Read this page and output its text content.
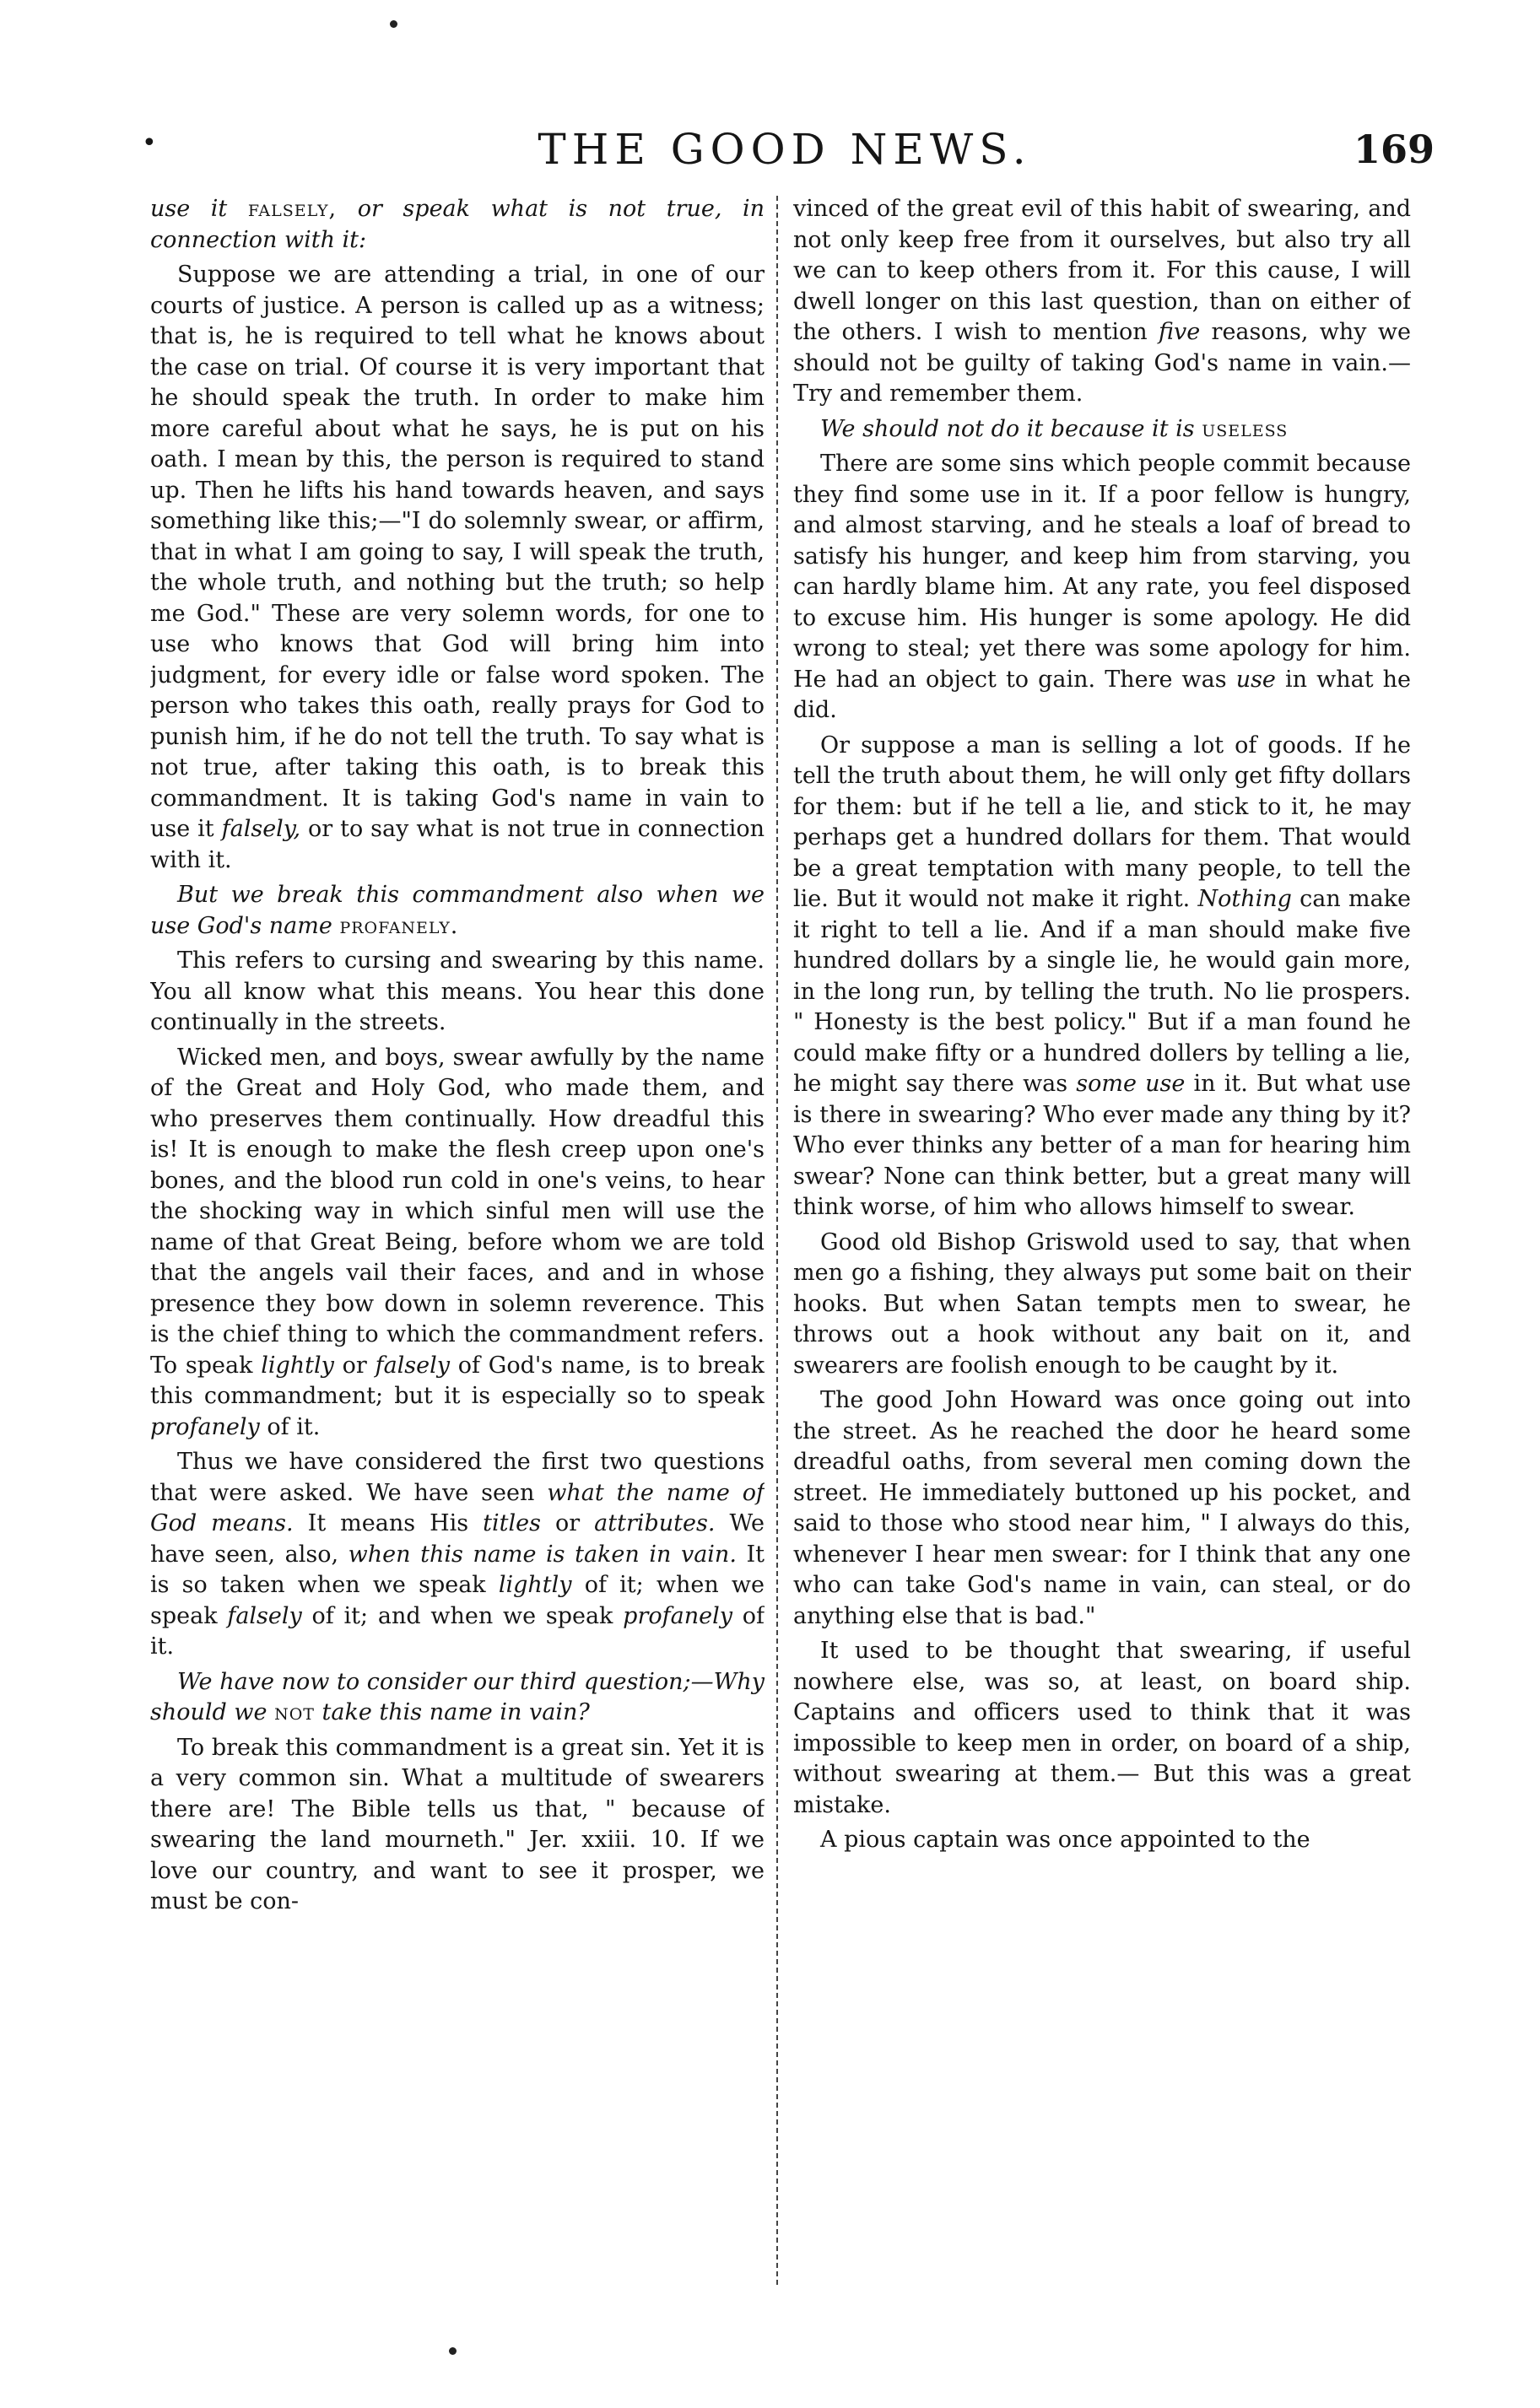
•	THE GOOD NEWS.	169

use it falsely, or speak what is not true, in connection with it:

Suppose we are attending a trial, in one of our courts of justice. A person is called up as a witness; that is, he is required to tell what he knows about the case on trial. Of course it is very important that he should speak the truth. In order to make him more careful about what he says, he is put on his oath. I mean by this, the person is required to stand up. Then he lifts his hand towards heaven, and says something like this;—"I do solemnly swear, or affirm, that in what I am going to say, I will speak the truth, the whole truth, and nothing but the truth; so help me God." These are very solemn words, for one to use who knows that God will bring him into judgment, for every idle or false word spoken. The person who takes this oath, really prays for God to punish him, if he do not tell the truth. To say what is not true, after taking this oath, is to break this commandment. It is taking God's name in vain to use it falsely, or to say what is not true in connection with it.

But we break this commandment also when we use God's name profanely.

This refers to cursing and swearing by this name. You all know what this means. You hear this done continually in the streets.

Wicked men, and boys, swear awfully by the name of the Great and Holy God, who made them, and who preserves them continually. How dreadful this is! It is enough to make the flesh creep upon one's bones, and the blood run cold in one's veins, to hear the shocking way in which sinful men will use the name of that Great Being, before whom we are told that the angels vail their faces, and and in whose presence they bow down in solemn reverence. This is the chief thing to which the commandment refers. To speak lightly or falsely of God's name, is to break this commandment; but it is especially so to speak profanely of it.

Thus we have considered the first two questions that were asked. We have seen what the name of God means. It means His titles or attributes. We have seen, also, when this name is taken in vain. It is so taken when we speak lightly of it; when we speak falsely of it; and when we speak profanely of it.

We have now to consider our third question;—Why should we not take this name in vain?

To break this commandment is a great sin. Yet it is a very common sin. What a multitude of swearers there are! The Bible tells us that, " because of swearing the land mourneth." Jer. xxiii. 10. If we love our country, and want to see it prosper, we must be con-

vinced of the great evil of this habit of swearing, and not only keep free from it ourselves, but also try all we can to keep others from it. For this cause, I will dwell longer on this last question, than on either of the others. I wish to mention five reasons, why we should not be guilty of taking God's name in vain.— Try and remember them.

We should not do it because it is useless

There are some sins which people commit because they find some use in it. If a poor fellow is hungry, and almost starving, and he steals a loaf of bread to satisfy his hunger, and keep him from starving, you can hardly blame him. At any rate, you feel disposed to excuse him. His hunger is some apology. He did wrong to steal; yet there was some apology for him. He had an object to gain. There was use in what he did.

Or suppose a man is selling a lot of goods. If he tell the truth about them, he will only get fifty dollars for them: but if he tell a lie, and stick to it, he may perhaps get a hundred dollars for them. That would be a great temptation with many people, to tell the lie. But it would not make it right. Nothing can make it right to tell a lie. And if a man should make five hundred dollars by a single lie, he would gain more, in the long run, by telling the truth. No lie prospers. " Honesty is the best policy." But if a man found he could make fifty or a hundred dollers by telling a lie, he might say there was some use in it. But what use is there in swearing? Who ever made any thing by it? Who ever thinks any better of a man for hearing him swear? None can think better, but a great many will think worse, of him who allows himself to swear.

Good old Bishop Griswold used to say, that when men go a fishing, they always put some bait on their hooks. But when Satan tempts men to swear, he throws out a hook without any bait on it, and swearers are foolish enough to be caught by it.

The good John Howard was once going out into the street. As he reached the door he heard some dreadful oaths, from several men coming down the street. He immediately buttoned up his pocket, and said to those who stood near him, " I always do this, whenever I hear men swear: for I think that any one who can take God's name in vain, can steal, or do anything else that is bad."

It used to be thought that swearing, if useful nowhere else, was so, at least, on board ship. Captains and officers used to think that it was impossible to keep men in order, on board of a ship, without swearing at them.— But this was a great mistake.

A pious captain was once appointed to the
